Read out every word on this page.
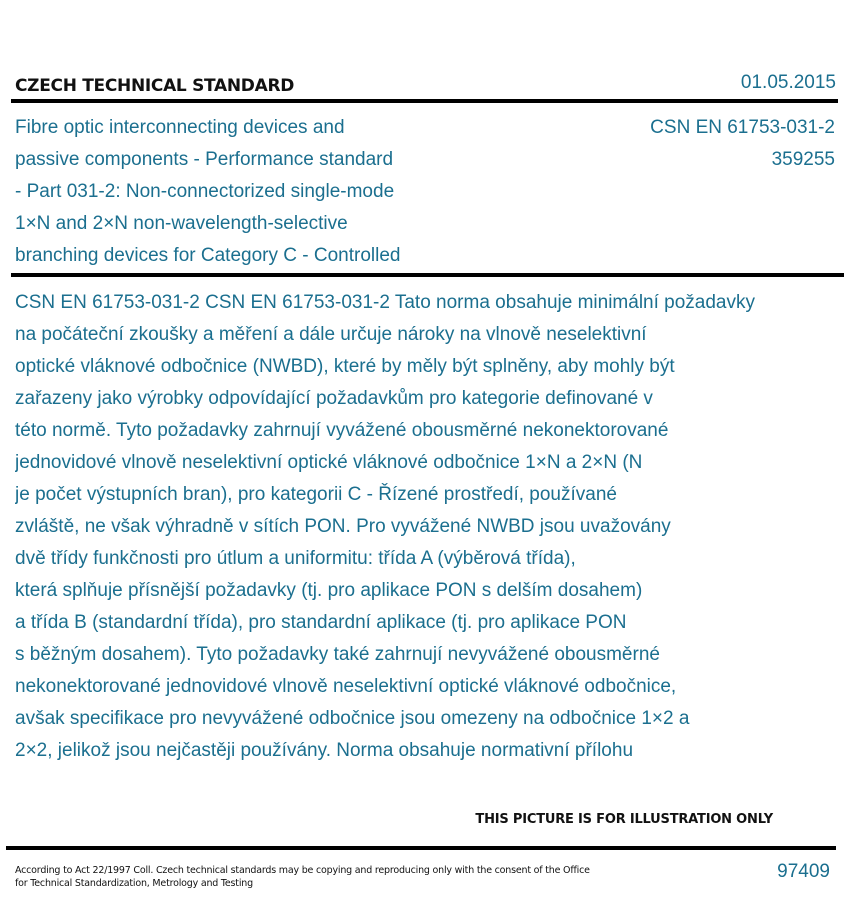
CZECH TECHNICAL STANDARD	01.05.2015
Fibre optic interconnecting devices and
passive components - Performance standard
- Part 031-2: Non-connectorized single-mode
1×N and 2×N non-wavelength-selective
branching devices for Category C - Controlled
CSN EN 61753-031-2
359255
CSN EN 61753-031-2 CSN EN 61753-031-2 Tato norma obsahuje minimální požadavky
na počáteční zkoušky a měření a dále určuje nároky na vlnově neselektivní
optické vláknové odbočnice (NWBD), které by měly být splněny, aby mohly být
zařazeny jako výrobky odpovídající požadavkům pro kategorie definované v
této normě. Tyto požadavky zahrnují vyvážené obousměrné nekonektorované
jednovidové vlnově neselektivní optické vláknové odbočnice 1×N a 2×N (N
je počet výstupních bran), pro kategorii C - Řízené prostředí, používané
zvláště, ne však výhradně v sítích PON. Pro vyvážené NWBD jsou uvažovány
dvě třídy funkčnosti pro útlum a uniformitu: třída A (výběrová třída),
která splňuje přísnější požadavky (tj. pro aplikace PON s delším dosahem)
a třída B (standardní třída), pro standardní aplikace (tj. pro aplikace PON
s běžným dosahem). Tyto požadavky také zahrnují nevyvážené obousměrné
nekonektorované jednovidové vlnově neselektivní optické vláknové odbočnice,
avšak specifikace pro nevyvážené odbočnice jsou omezeny na odbočnice 1×2 a
2×2, jelikož jsou nejčastěji používány. Norma obsahuje normativní přílohu
THIS PICTURE IS FOR ILLUSTRATION ONLY
According to Act 22/1997 Coll. Czech technical standards may be copying and reproducing only with the consent of the Office
for Technical Standardization, Metrology and Testing
97409
